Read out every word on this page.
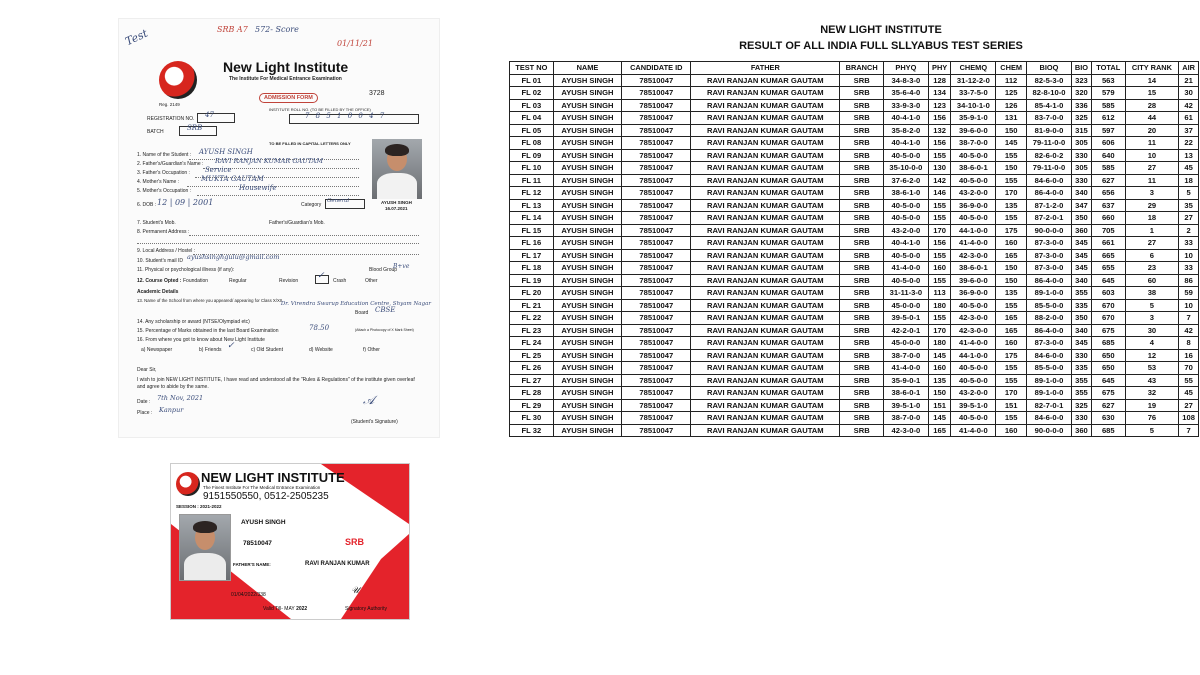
Test	SRB A7 572- Score
01/11/21
Reg. 2149
New Light Institute
The Institute For Medical Entrance Examination
3728
ADMISSION FORM
INSTITUTE ROLL NO. (TO BE FILLED BY THE OFFICE)
REGISTRATION NO. 47	7 8 5 1 0 0 4 7
BATCH	SRB
TO BE FILLED IN CAPITAL LETTERS ONLY
1. Name of the Student : AYUSH SINGH
2. Father's/Guardian's Name : RAVI RANJAN KUMAR GAUTAM
3. Father's Occupation : Service
4. Mother's Name :	MUKTA GAUTAM
5. Mother's Occupation :	Housewife
AYUSH SINGH
16.07.2021
6. DOB : 12 | 09 | 2001	Category
General
7. Student's Mob.	Father's/Guardian's Mob.
8. Permanent Address :
9. Local Address / Hostel :
10. Student's mail ID ayushsinghgulu@gmail.com
11. Physical or psychological illness (if any):	Blood Group
B+ve
12. Course Opted : Foundation	Regular	Revision	Crash	Other
✓
Academic Details
13. Name of the School from where you appeared/ appearing for Class X/XII
Dr. Virendra Swarup Education Centre, Shyam Nagar
Board CBSE
14. Any scholarship or award (NTSE/Olympiad etc)
15. Percentage of Marks obtained in the last Board Examination	78.50	(Attach a Photocopy of X Mark Sheet)
16. From where you got to know about New Light Institute
a) Newspaper	b) Friends	c) Old Student	d) Website	f) Other
✓
Dear Sir,
I wish to join NEW LIGHT INSTITUTE, I have read and understood all the "Rules & Regulations" of the institute given overleaf and agree to abide by the same.
Date : 7th Nov, 2021
Place : Kanpur
𝒜
(Student's Signature)
NEW LIGHT INSTITUTE
The Finest Institute For The Medical Entrance Examination
9151550550, 0512-2505235
SESSION : 2021-2022
AYUSH SINGH
78510047	SRB
FATHER'S NAME:	RAVI RANJAN KUMAR
01/04/2022/338	𝒰
Valid Till- MAY 2022	Signatory Authority
NEW LIGHT INSTITUTE
RESULT OF ALL INDIA FULL SLLYABUS TEST SERIES
TEST NO	NAME	CANDIDATE ID	FATHER	BRANCH	PHYQ	PHY	CHEMQ	CHEM	BIOQ	BIO	TOTAL	CITY RANK	AIR
FL 01	AYUSH SINGH	78510047	RAVI RANJAN KUMAR GAUTAM	SRB	34-8-3-0	128	31-12-2-0	112	82-5-3-0	323	563	14	21
FL 02	AYUSH SINGH	78510047	RAVI RANJAN KUMAR GAUTAM	SRB	35-6-4-0	134	33-7-5-0	125	82-8-10-0	320	579	15	30
FL 03	AYUSH SINGH	78510047	RAVI RANJAN KUMAR GAUTAM	SRB	33-9-3-0	123	34-10-1-0	126	85-4-1-0	336	585	28	42
FL 04	AYUSH SINGH	78510047	RAVI RANJAN KUMAR GAUTAM	SRB	40-4-1-0	156	35-9-1-0	131	83-7-0-0	325	612	44	61
FL 05	AYUSH SINGH	78510047	RAVI RANJAN KUMAR GAUTAM	SRB	35-8-2-0	132	39-6-0-0	150	81-9-0-0	315	597	20	37
FL 08	AYUSH SINGH	78510047	RAVI RANJAN KUMAR GAUTAM	SRB	40-4-1-0	156	38-7-0-0	145	79-11-0-0	305	606	11	22
FL 09	AYUSH SINGH	78510047	RAVI RANJAN KUMAR GAUTAM	SRB	40-5-0-0	155	40-5-0-0	155	82-6-0-2	330	640	10	13
FL 10	AYUSH SINGH	78510047	RAVI RANJAN KUMAR GAUTAM	SRB	35-10-0-0	130	38-6-0-1	150	79-11-0-0	305	585	27	45
FL 11	AYUSH SINGH	78510047	RAVI RANJAN KUMAR GAUTAM	SRB	37-6-2-0	142	40-5-0-0	155	84-6-0-0	330	627	11	18
FL 12	AYUSH SINGH	78510047	RAVI RANJAN KUMAR GAUTAM	SRB	38-6-1-0	146	43-2-0-0	170	86-4-0-0	340	656	3	5
FL 13	AYUSH SINGH	78510047	RAVI RANJAN KUMAR GAUTAM	SRB	40-5-0-0	155	36-9-0-0	135	87-1-2-0	347	637	29	35
FL 14	AYUSH SINGH	78510047	RAVI RANJAN KUMAR GAUTAM	SRB	40-5-0-0	155	40-5-0-0	155	87-2-0-1	350	660	18	27
FL 15	AYUSH SINGH	78510047	RAVI RANJAN KUMAR GAUTAM	SRB	43-2-0-0	170	44-1-0-0	175	90-0-0-0	360	705	1	2
FL 16	AYUSH SINGH	78510047	RAVI RANJAN KUMAR GAUTAM	SRB	40-4-1-0	156	41-4-0-0	160	87-3-0-0	345	661	27	33
FL 17	AYUSH SINGH	78510047	RAVI RANJAN KUMAR GAUTAM	SRB	40-5-0-0	155	42-3-0-0	165	87-3-0-0	345	665	6	10
FL 18	AYUSH SINGH	78510047	RAVI RANJAN KUMAR GAUTAM	SRB	41-4-0-0	160	38-6-0-1	150	87-3-0-0	345	655	23	33
FL 19	AYUSH SINGH	78510047	RAVI RANJAN KUMAR GAUTAM	SRB	40-5-0-0	155	39-6-0-0	150	86-4-0-0	340	645	60	86
FL 20	AYUSH SINGH	78510047	RAVI RANJAN KUMAR GAUTAM	SRB	31-11-3-0	113	36-9-0-0	135	89-1-0-0	355	603	38	59
FL 21	AYUSH SINGH	78510047	RAVI RANJAN KUMAR GAUTAM	SRB	45-0-0-0	180	40-5-0-0	155	85-5-0-0	335	670	5	10
FL 22	AYUSH SINGH	78510047	RAVI RANJAN KUMAR GAUTAM	SRB	39-5-0-1	155	42-3-0-0	165	88-2-0-0	350	670	3	7
FL 23	AYUSH SINGH	78510047	RAVI RANJAN KUMAR GAUTAM	SRB	42-2-0-1	170	42-3-0-0	165	86-4-0-0	340	675	30	42
FL 24	AYUSH SINGH	78510047	RAVI RANJAN KUMAR GAUTAM	SRB	45-0-0-0	180	41-4-0-0	160	87-3-0-0	345	685	4	8
FL 25	AYUSH SINGH	78510047	RAVI RANJAN KUMAR GAUTAM	SRB	38-7-0-0	145	44-1-0-0	175	84-6-0-0	330	650	12	16
FL 26	AYUSH SINGH	78510047	RAVI RANJAN KUMAR GAUTAM	SRB	41-4-0-0	160	40-5-0-0	155	85-5-0-0	335	650	53	70
FL 27	AYUSH SINGH	78510047	RAVI RANJAN KUMAR GAUTAM	SRB	35-9-0-1	135	40-5-0-0	155	89-1-0-0	355	645	43	55
FL 28	AYUSH SINGH	78510047	RAVI RANJAN KUMAR GAUTAM	SRB	38-6-0-1	150	43-2-0-0	170	89-1-0-0	355	675	32	45
FL 29	AYUSH SINGH	78510047	RAVI RANJAN KUMAR GAUTAM	SRB	39-5-1-0	151	39-5-1-0	151	82-7-0-1	325	627	19	27
FL 30	AYUSH SINGH	78510047	RAVI RANJAN KUMAR GAUTAM	SRB	38-7-0-0	145	40-5-0-0	155	84-6-0-0	330	630	76	108
FL 32	AYUSH SINGH	78510047	RAVI RANJAN KUMAR GAUTAM	SRB	42-3-0-0	165	41-4-0-0	160	90-0-0-0	360	685	5	7
